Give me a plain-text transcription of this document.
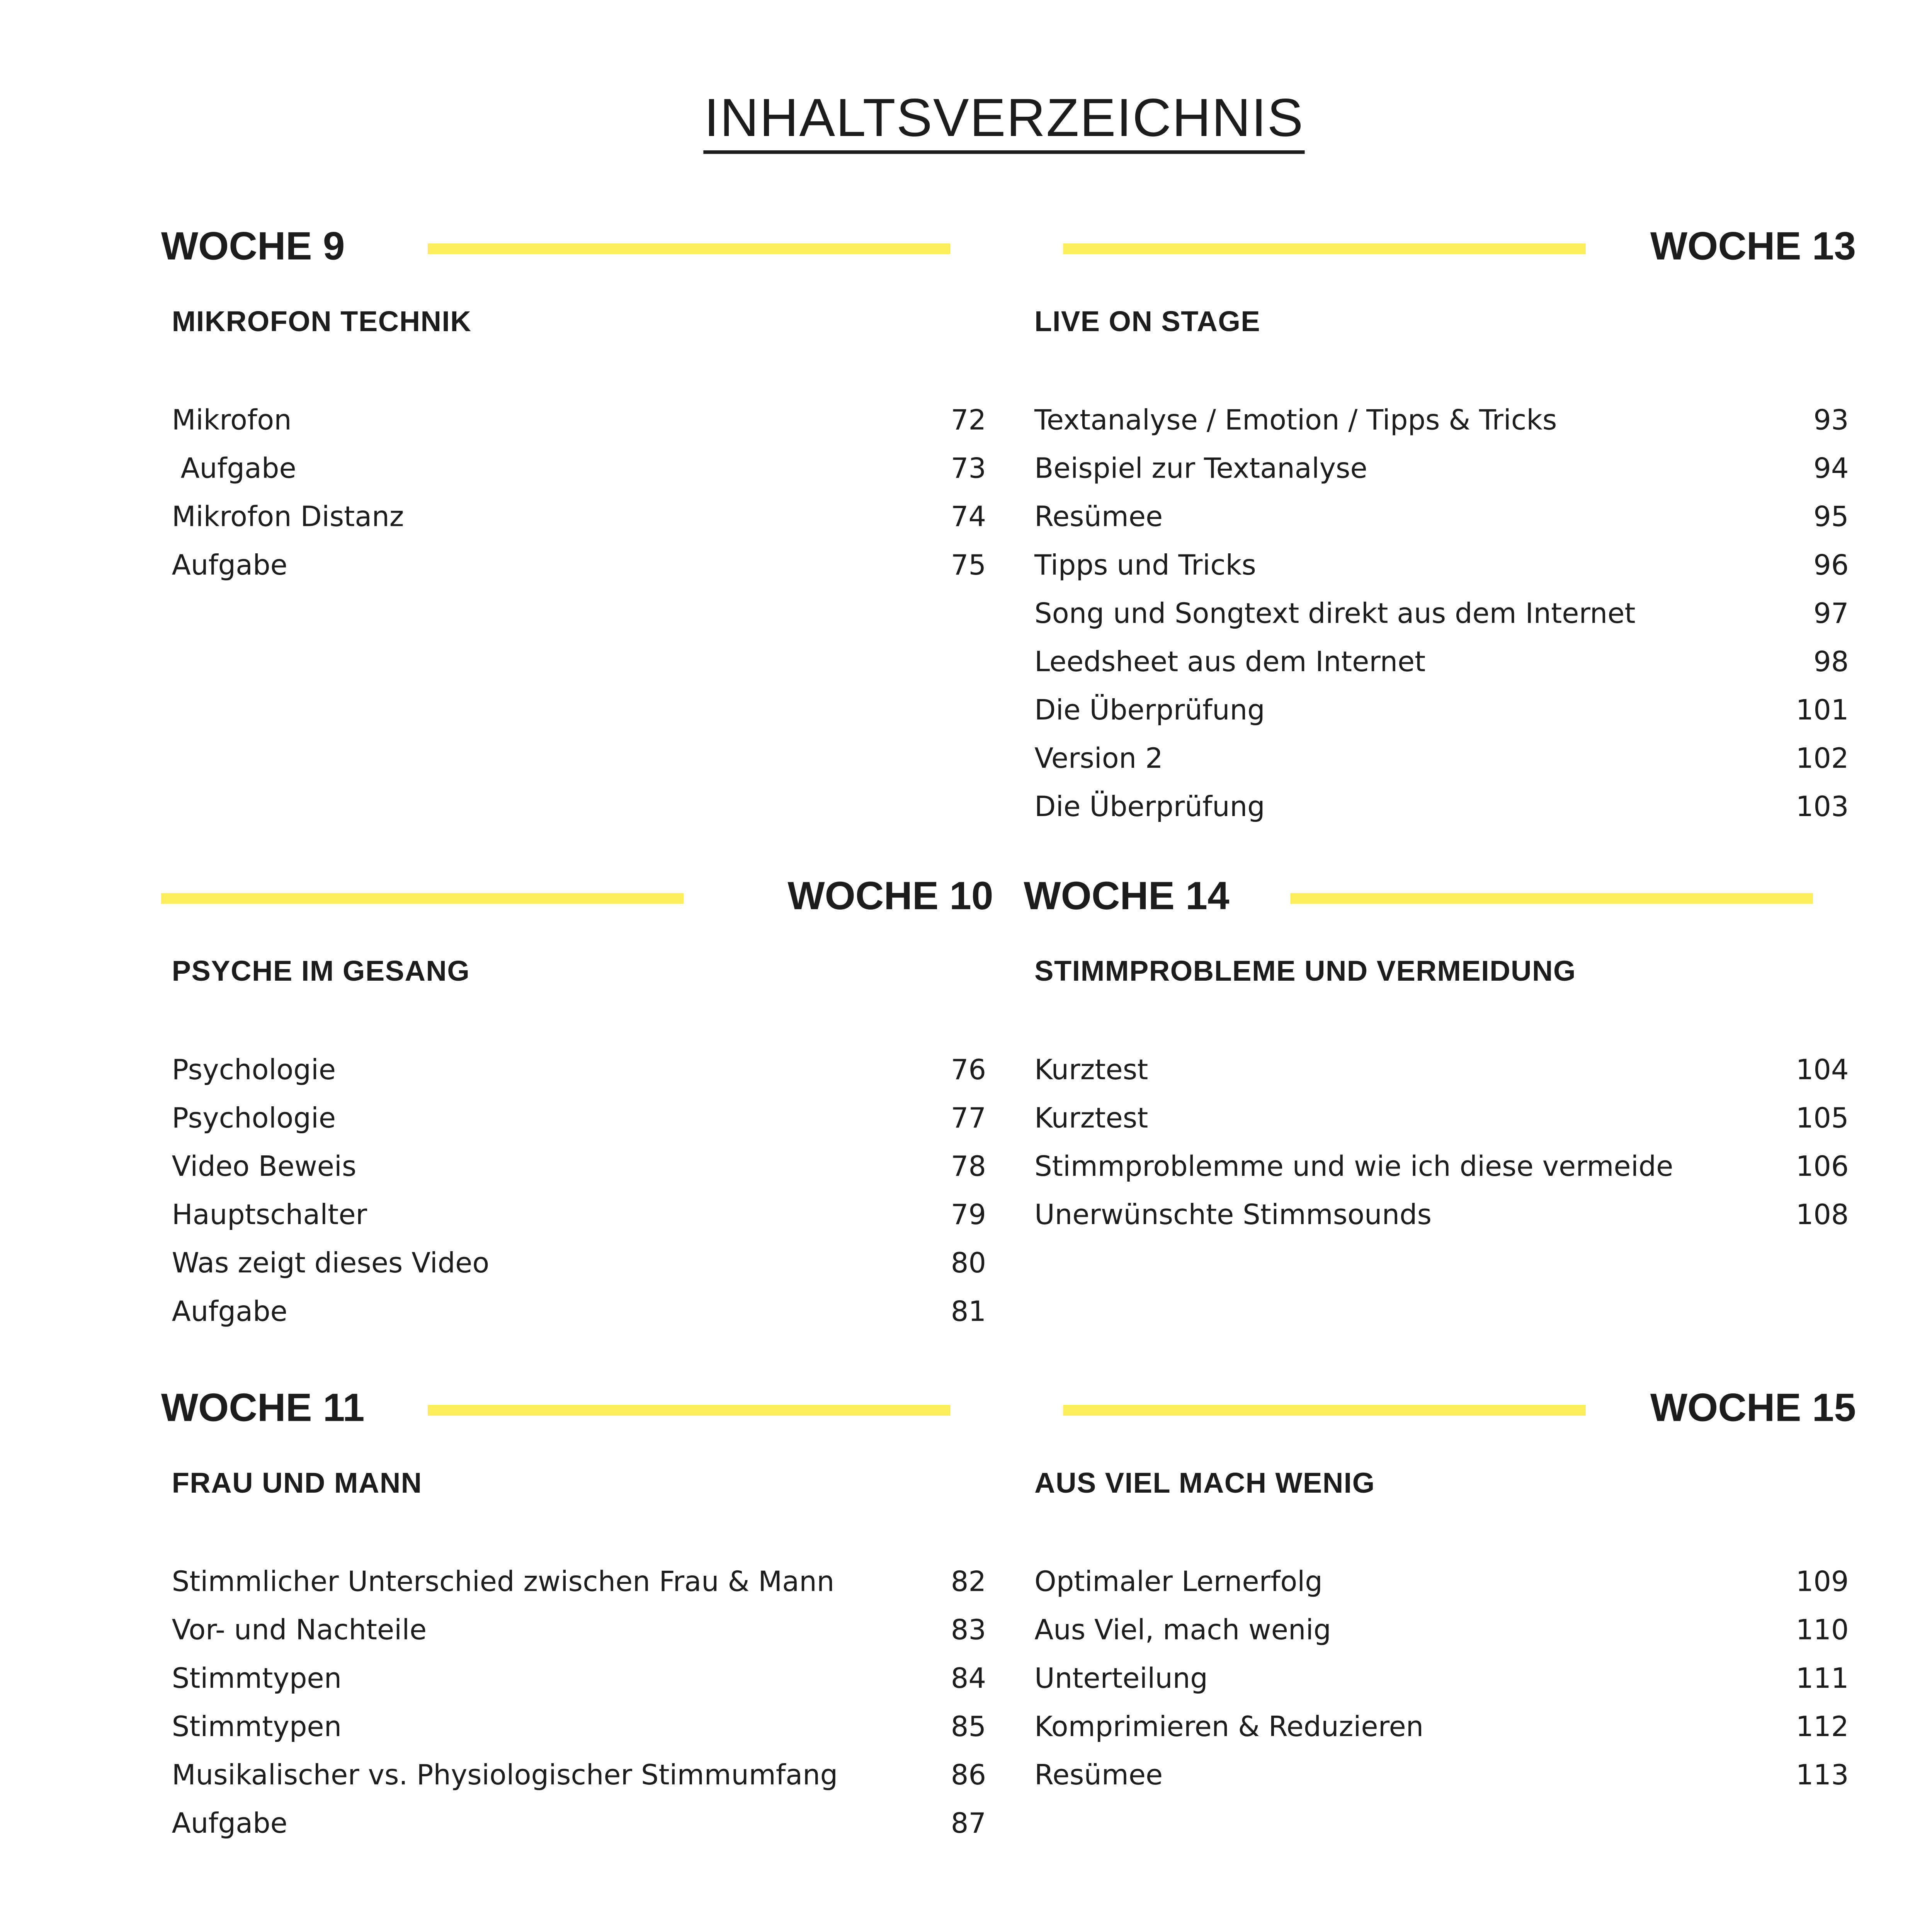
INHALTSVERZEICHNIS
WOCHE 9
MIKROFON TECHNIK
Mikrofon	72
Aufgabe	73
Mikrofon Distanz	74
Aufgabe	75
WOCHE 13
LIVE ON STAGE
Textanalyse / Emotion / Tipps & Tricks	93
Beispiel zur Textanalyse	94
Resümee	95
Tipps und Tricks	96
Song und Songtext direkt aus dem Internet	97
Leedsheet aus dem Internet	98
Die Überprüfung	101
Version 2	102
Die Überprüfung	103
WOCHE 10
PSYCHE IM GESANG
Psychologie	76
Psychologie	77
Video Beweis	78
Hauptschalter	79
Was zeigt dieses Video	80
Aufgabe	81
WOCHE 14
STIMMPROBLEME UND VERMEIDUNG
Kurztest	104
Kurztest	105
Stimmproblemme und wie ich diese vermeide	106
Unerwünschte Stimmsounds	108
WOCHE 11
FRAU UND MANN
Stimmlicher Unterschied zwischen Frau & Mann	82
Vor- und Nachteile	83
Stimmtypen	84
Stimmtypen	85
Musikalischer vs. Physiologischer Stimmumfang	86
Aufgabe	87
WOCHE 15
AUS VIEL MACH WENIG
Optimaler Lernerfolg	109
Aus Viel, mach wenig	110
Unterteilung	111
Komprimieren & Reduzieren	112
Resümee	113
